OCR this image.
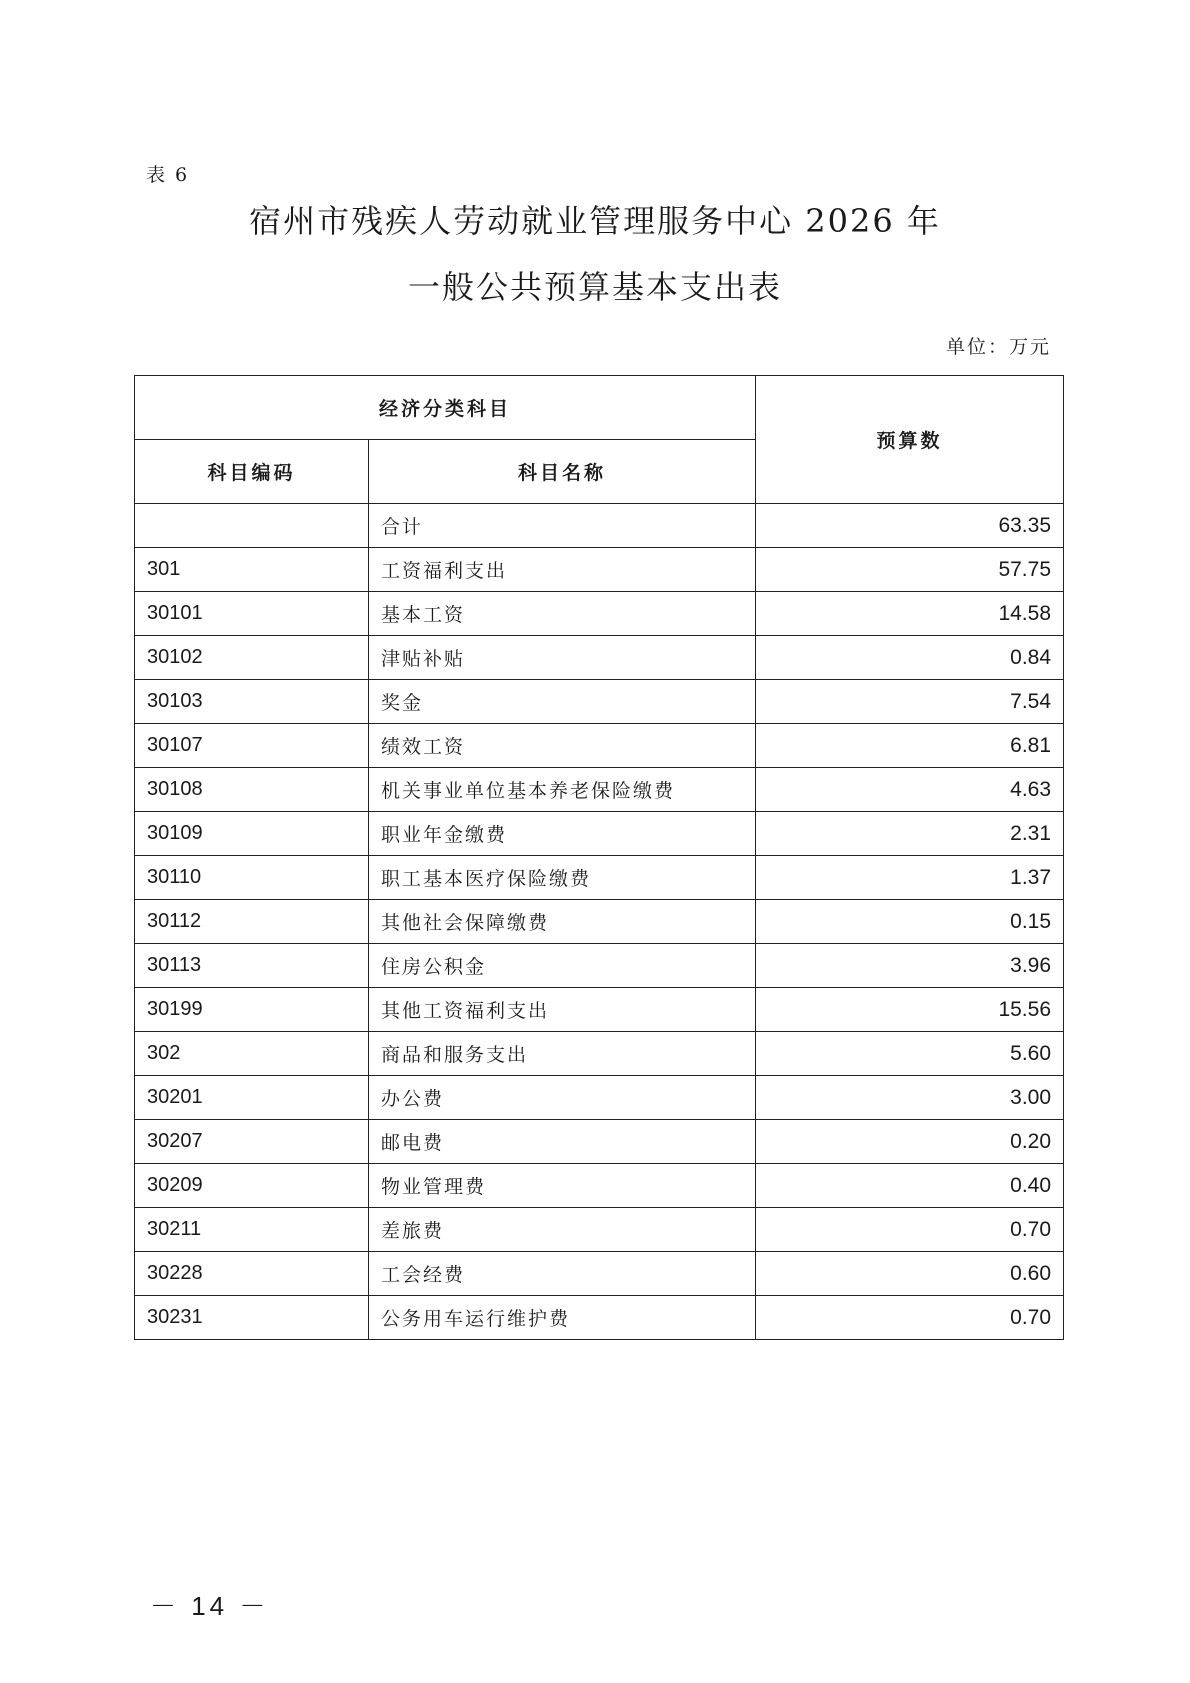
表 6
宿州市残疾人劳动就业管理服务中心 2026 年
一般公共预算基本支出表
单位：万元
经济分类科目		预算数
科目编码	科目名称	
	合计	63.35
301	工资福利支出	57.75
30101	基本工资	14.58
30102	津贴补贴	0.84
30103	奖金	7.54
30107	绩效工资	6.81
30108	机关事业单位基本养老保险缴费	4.63
30109	职业年金缴费	2.31
30110	职工基本医疗保险缴费	1.37
30112	其他社会保障缴费	0.15
30113	住房公积金	3.96
30199	其他工资福利支出	15.56
302	商品和服务支出	5.60
30201	办公费	3.00
30207	邮电费	0.20
30209	物业管理费	0.40
30211	差旅费	0.70
30228	工会经费	0.60
30231	公务用车运行维护费	0.70
－ 14 －
